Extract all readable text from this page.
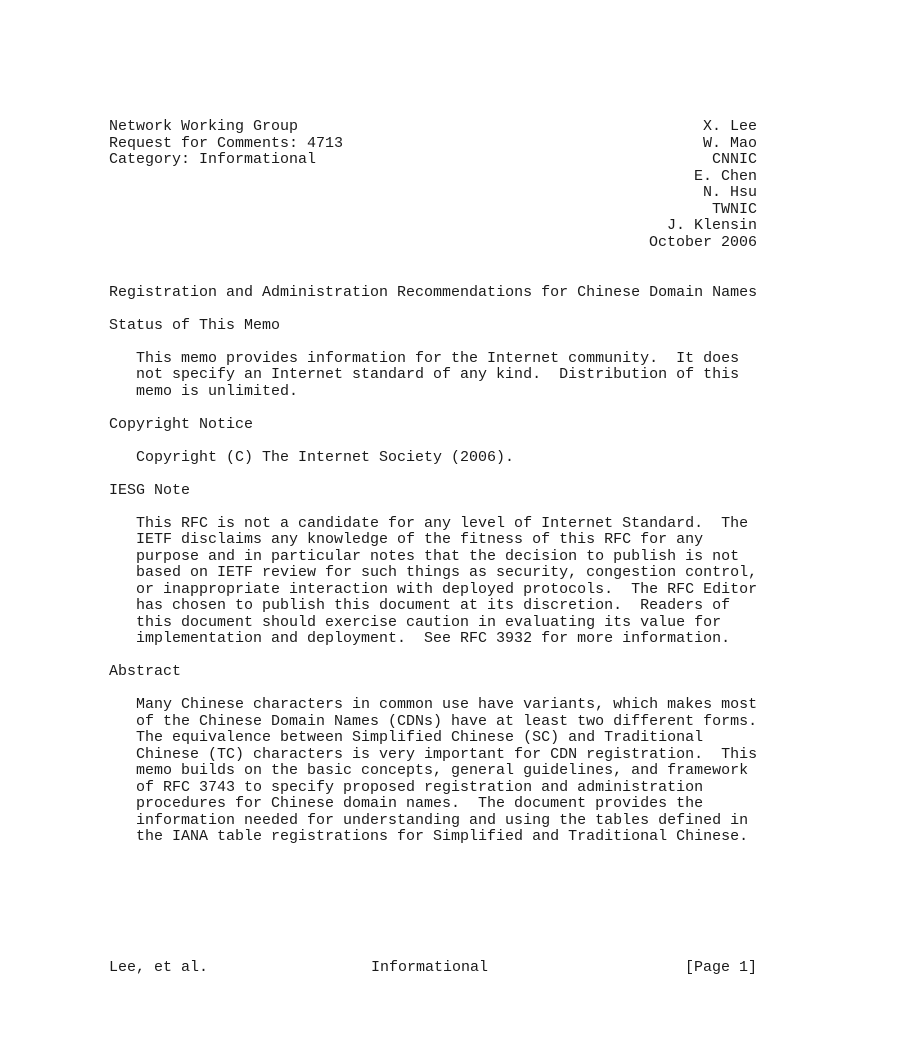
Network Working Group

Request for Comments: 4713

Category: Informational

X. Lee

W. Mao

CNNIC

E. Chen

N. Hsu

TWNIC

J. Klensin

October 2006

Registration and Administration Recommendations for Chinese Domain Names

Status of This Memo

This memo provides information for the Internet community.  It does

not specify an Internet standard of any kind.  Distribution of this

memo is unlimited.

Copyright Notice

Copyright (C) The Internet Society (2006).

IESG Note

This RFC is not a candidate for any level of Internet Standard.  The

IETF disclaims any knowledge of the fitness of this RFC for any

purpose and in particular notes that the decision to publish is not

based on IETF review for such things as security, congestion control,

or inappropriate interaction with deployed protocols.  The RFC Editor

has chosen to publish this document at its discretion.  Readers of

this document should exercise caution in evaluating its value for

implementation and deployment.  See RFC 3932 for more information.

Abstract

Many Chinese characters in common use have variants, which makes most

of the Chinese Domain Names (CDNs) have at least two different forms.

The equivalence between Simplified Chinese (SC) and Traditional

Chinese (TC) characters is very important for CDN registration.  This

memo builds on the basic concepts, general guidelines, and framework

of RFC 3743 to specify proposed registration and administration

procedures for Chinese domain names.  The document provides the

information needed for understanding and using the tables defined in

the IANA table registrations for Simplified and Traditional Chinese.

Lee, et al.

	Informational

	[Page 1]
